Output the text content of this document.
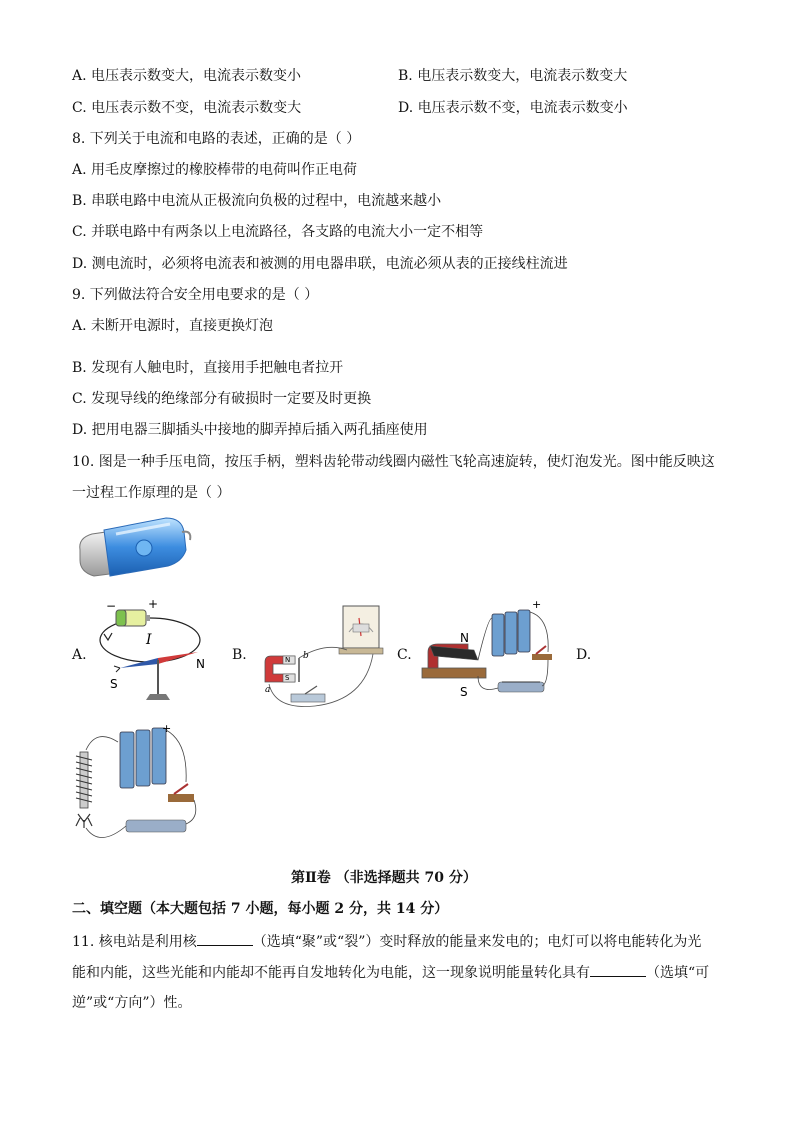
A. 电压表示数变大，电流表示数变小	B. 电压表示数变大，电流表示数变大
C. 电压表示数不变，电流表示数变大	D. 电压表示数不变，电流表示数变小
8. 下列关于电流和电路的表述，正确的是（ ）
A. 用毛皮摩擦过的橡胶棒带的电荷叫作正电荷
B. 串联电路中电流从正极流向负极的过程中，电流越来越小
C. 并联电路中有两条以上电流路径，各支路的电流大小一定不相等
D. 测电流时，必须将电流表和被测的用电器串联，电流必须从表的正接线柱流进
9. 下列做法符合安全用电要求的是（ ）
A. 未断开电源时，直接更换灯泡
B. 发现有人触电时，直接用手把触电者拉开
C. 发现导线的绝缘部分有破损时一定要及时更换
D. 把用电器三脚插头中接地的脚弄掉后插入两孔插座使用
10. 图是一种手压电筒，按压手柄，塑料齿轮带动线圈内磁性飞轮高速旋转，使灯泡发光。图中能反映这
一过程工作原理的是（ ）
A.	B.	C.	D.
−	+
I
S
N	N
S
a
b
N
S
+
+
第Ⅱ卷 （非选择题共 70 分）
二、填空题（本大题包括 7 小题，每小题 2 分，共 14 分）
11. 核电站是利用核	（选填“聚”或“裂”）变时释放的能量来发电的；电灯可以将电能转化为光
能和内能，这些光能和内能却不能再自发地转化为电能，这一现象说明能量转化具有	（选填“可
逆”或“方向”）性。
